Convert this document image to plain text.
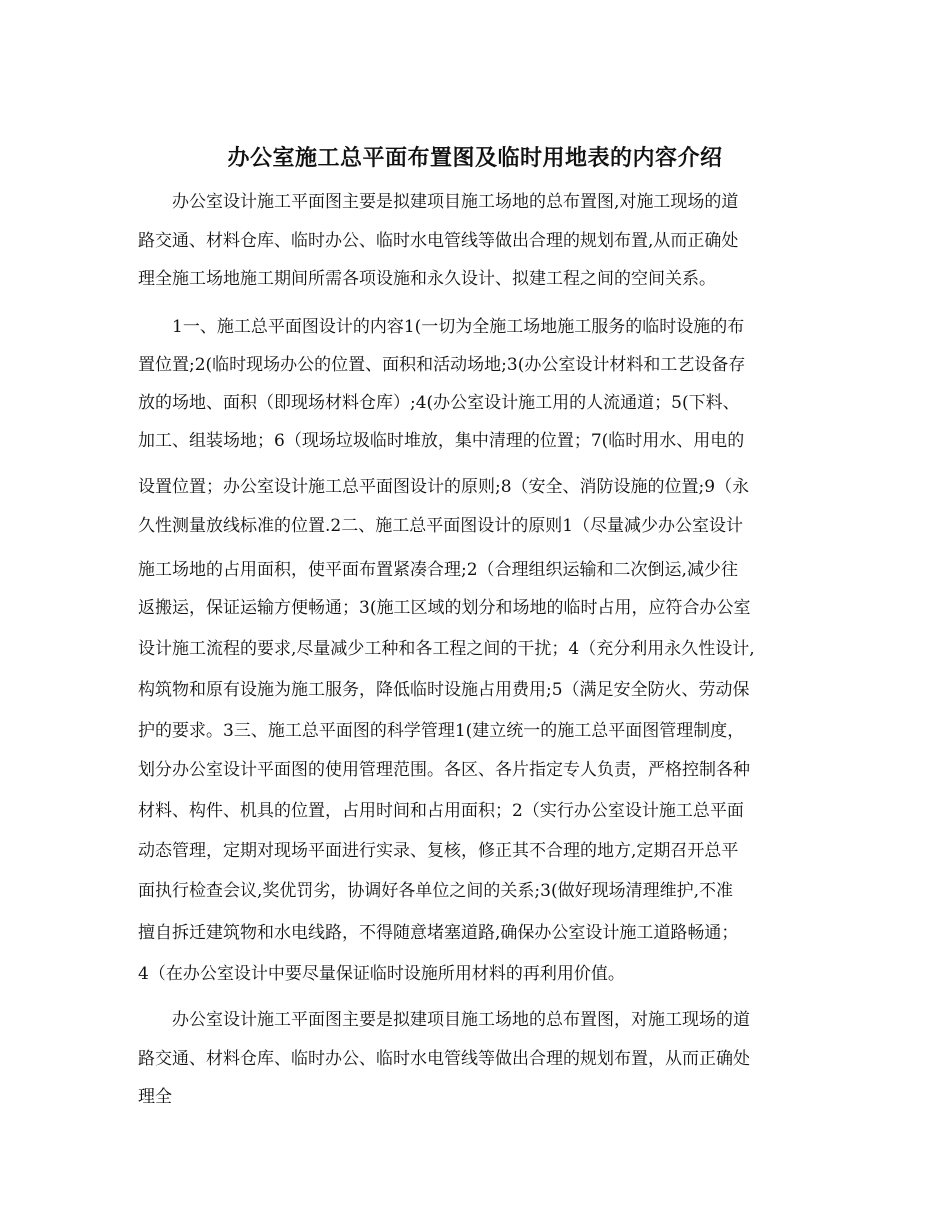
办公室施工总平面布置图及临时用地表的内容介绍

　　办公室设计施工平面图主要是拟建项目施工场地的总布置图,对施工现场的道

路交通、材料仓库、临时办公、临时水电管线等做出合理的规划布置,从而正确处

理全施工场地施工期间所需各项设施和永久设计、拟建工程之间的空间关系。

　　1一、施工总平面图设计的内容1(一切为全施工场地施工服务的临时设施的布

置位置;2(临时现场办公的位置、面积和活动场地;3(办公室设计材料和工艺设备存

放的场地、面积（即现场材料仓库）;4(办公室设计施工用的人流通道；5(下料、

加工、组装场地；6（现场垃圾临时堆放，集中清理的位置；7(临时用水、用电的

设置位置；办公室设计施工总平面图设计的原则;8（安全、消防设施的位置;9（永

久性测量放线标准的位置.2二、施工总平面图设计的原则1（尽量减少办公室设计

施工场地的占用面积，使平面布置紧凑合理;2（合理组织运输和二次倒运,减少往

返搬运，保证运输方便畅通；3(施工区域的划分和场地的临时占用，应符合办公室

设计施工流程的要求,尽量减少工种和各工程之间的干扰；4（充分利用永久性设计,

构筑物和原有设施为施工服务，降低临时设施占用费用;5（满足安全防火、劳动保

护的要求。3三、施工总平面图的科学管理1(建立统一的施工总平面图管理制度，

划分办公室设计平面图的使用管理范围。各区、各片指定专人负责，严格控制各种

材料、构件、机具的位置，占用时间和占用面积；2（实行办公室设计施工总平面

动态管理，定期对现场平面进行实录、复核，修正其不合理的地方,定期召开总平

面执行检查会议,奖优罚劣，协调好各单位之间的关系;3(做好现场清理维护,不准

擅自拆迁建筑物和水电线路，不得随意堵塞道路,确保办公室设计施工道路畅通；

4（在办公室设计中要尽量保证临时设施所用材料的再利用价值。

　　办公室设计施工平面图主要是拟建项目施工场地的总布置图，对施工现场的道

路交通、材料仓库、临时办公、临时水电管线等做出合理的规划布置，从而正确处

理全
